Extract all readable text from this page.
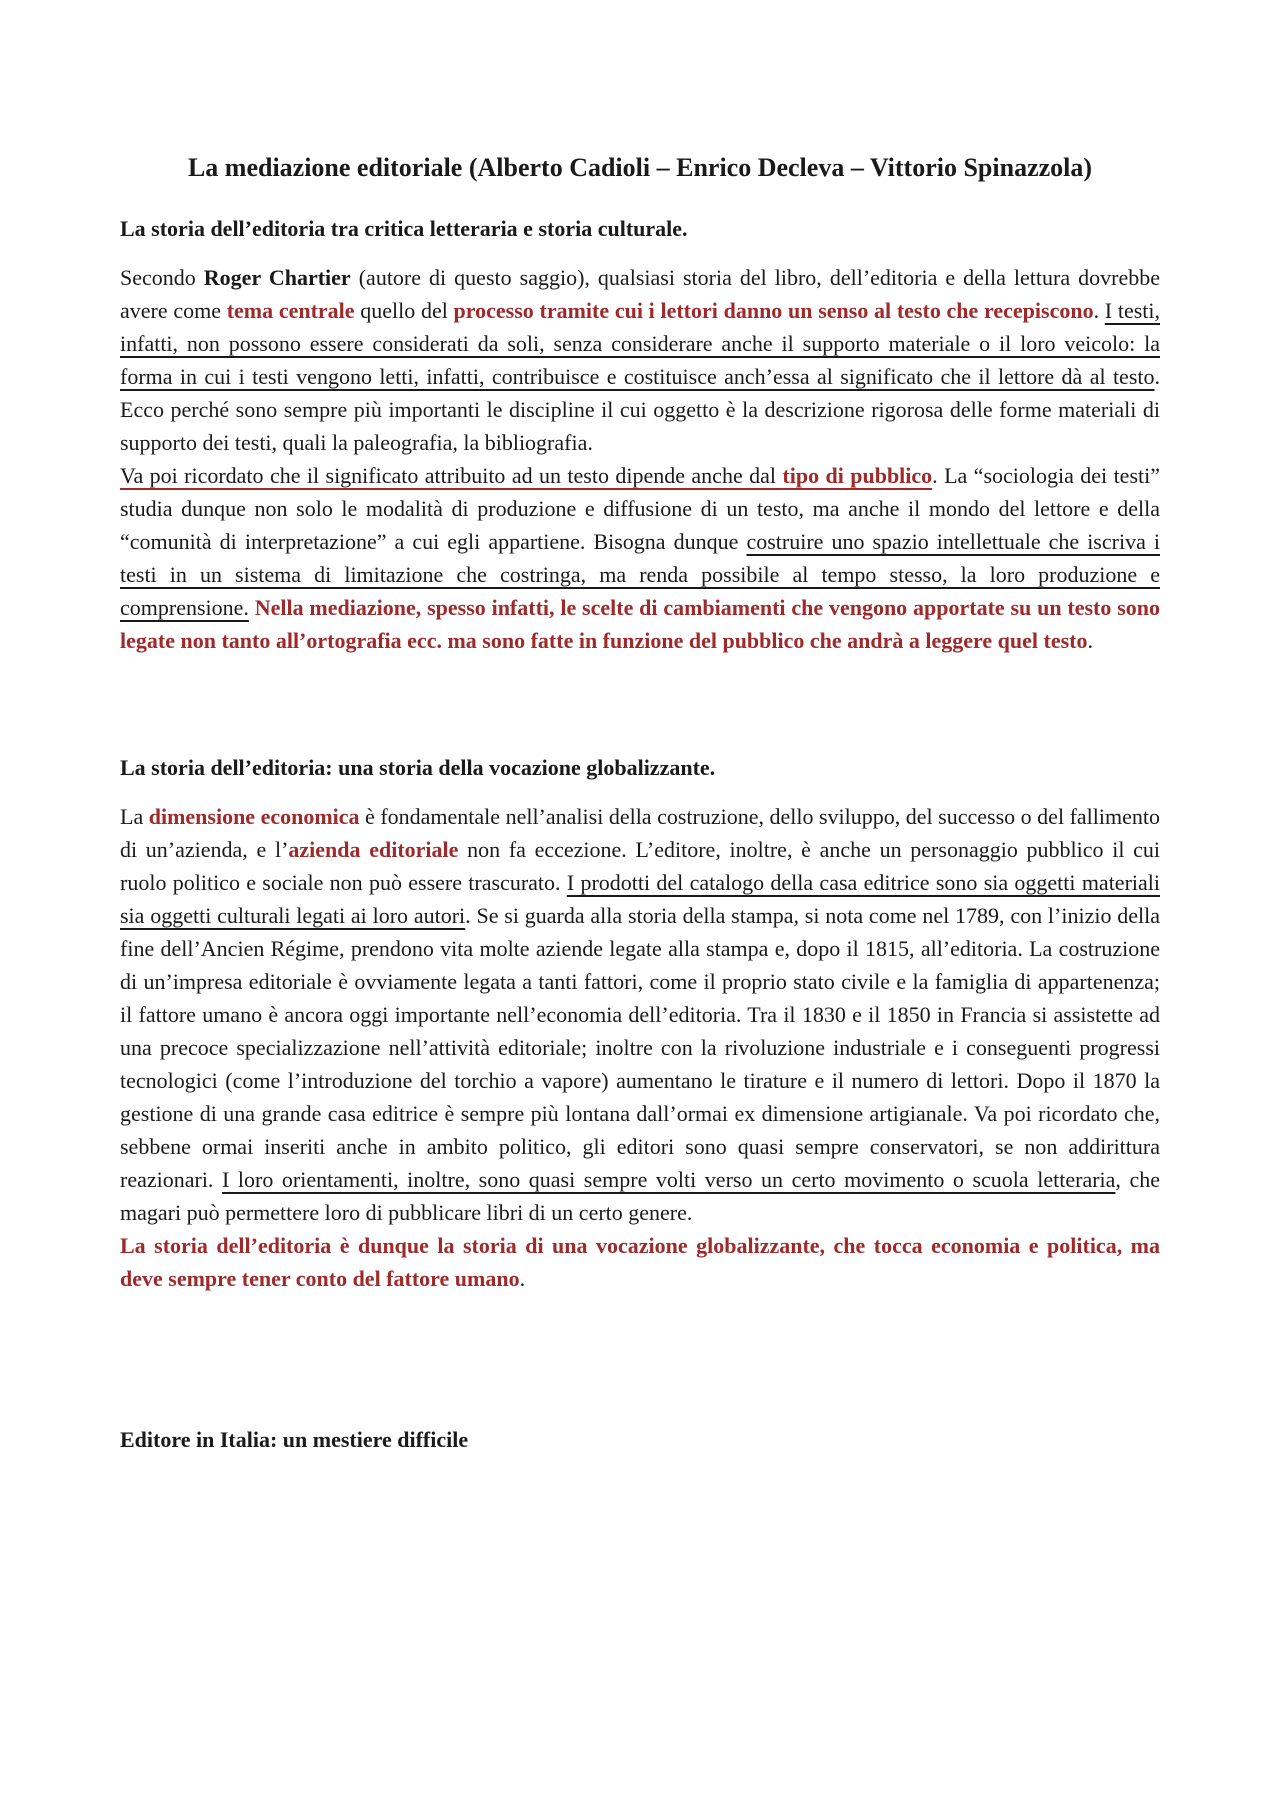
La mediazione editoriale (Alberto Cadioli – Enrico Decleva – Vittorio Spinazzola)

La storia dell’editoria tra critica letteraria e storia culturale.

Secondo Roger Chartier (autore di questo saggio), qualsiasi storia del libro, dell’editoria e della lettura dovrebbe avere come tema centrale quello del processo tramite cui i lettori danno un senso al testo che recepiscono. I testi, infatti, non possono essere considerati da soli, senza considerare anche il supporto materiale o il loro veicolo: la forma in cui i testi vengono letti, infatti, contribuisce e costituisce anch’essa al significato che il lettore dà al testo. Ecco perché sono sempre più importanti le discipline il cui oggetto è la descrizione rigorosa delle forme materiali di supporto dei testi, quali la paleografia, la bibliografia.

Va poi ricordato che il significato attribuito ad un testo dipende anche dal tipo di pubblico. La “sociologia dei testi” studia dunque non solo le modalità di produzione e diffusione di un testo, ma anche il mondo del lettore e della “comunità di interpretazione” a cui egli appartiene. Bisogna dunque costruire uno spazio intellettuale che iscriva i testi in un sistema di limitazione che costringa, ma renda possibile al tempo stesso, la loro produzione e comprensione. Nella mediazione, spesso infatti, le scelte di cambiamenti che vengono apportate su un testo sono legate non tanto all’ortografia ecc. ma sono fatte in funzione del pubblico che andrà a leggere quel testo.

La storia dell’editoria: una storia della vocazione globalizzante.

La dimensione economica è fondamentale nell’analisi della costruzione, dello sviluppo, del successo o del fallimento di un’azienda, e l’azienda editoriale non fa eccezione. L’editore, inoltre, è anche un personaggio pubblico il cui ruolo politico e sociale non può essere trascurato. I prodotti del catalogo della casa editrice sono sia oggetti materiali sia oggetti culturali legati ai loro autori. Se si guarda alla storia della stampa, si nota come nel 1789, con l’inizio della fine dell’Ancien Régime, prendono vita molte aziende legate alla stampa e, dopo il 1815, all’editoria. La costruzione di un’impresa editoriale è ovviamente legata a tanti fattori, come il proprio stato civile e la famiglia di appartenenza; il fattore umano è ancora oggi importante nell’economia dell’editoria. Tra il 1830 e il 1850 in Francia si assistette ad una precoce specializzazione nell’attività editoriale; inoltre con la rivoluzione industriale e i conseguenti progressi tecnologici (come l’introduzione del torchio a vapore) aumentano le tirature e il numero di lettori. Dopo il 1870 la gestione di una grande casa editrice è sempre più lontana dall’ormai ex dimensione artigianale. Va poi ricordato che, sebbene ormai inseriti anche in ambito politico, gli editori sono quasi sempre conservatori, se non addirittura reazionari. I loro orientamenti, inoltre, sono quasi sempre volti verso un certo movimento o scuola letteraria, che magari può permettere loro di pubblicare libri di un certo genere.

La storia dell’editoria è dunque la storia di una vocazione globalizzante, che tocca economia e politica, ma deve sempre tener conto del fattore umano.

Editore in Italia: un mestiere difficile
